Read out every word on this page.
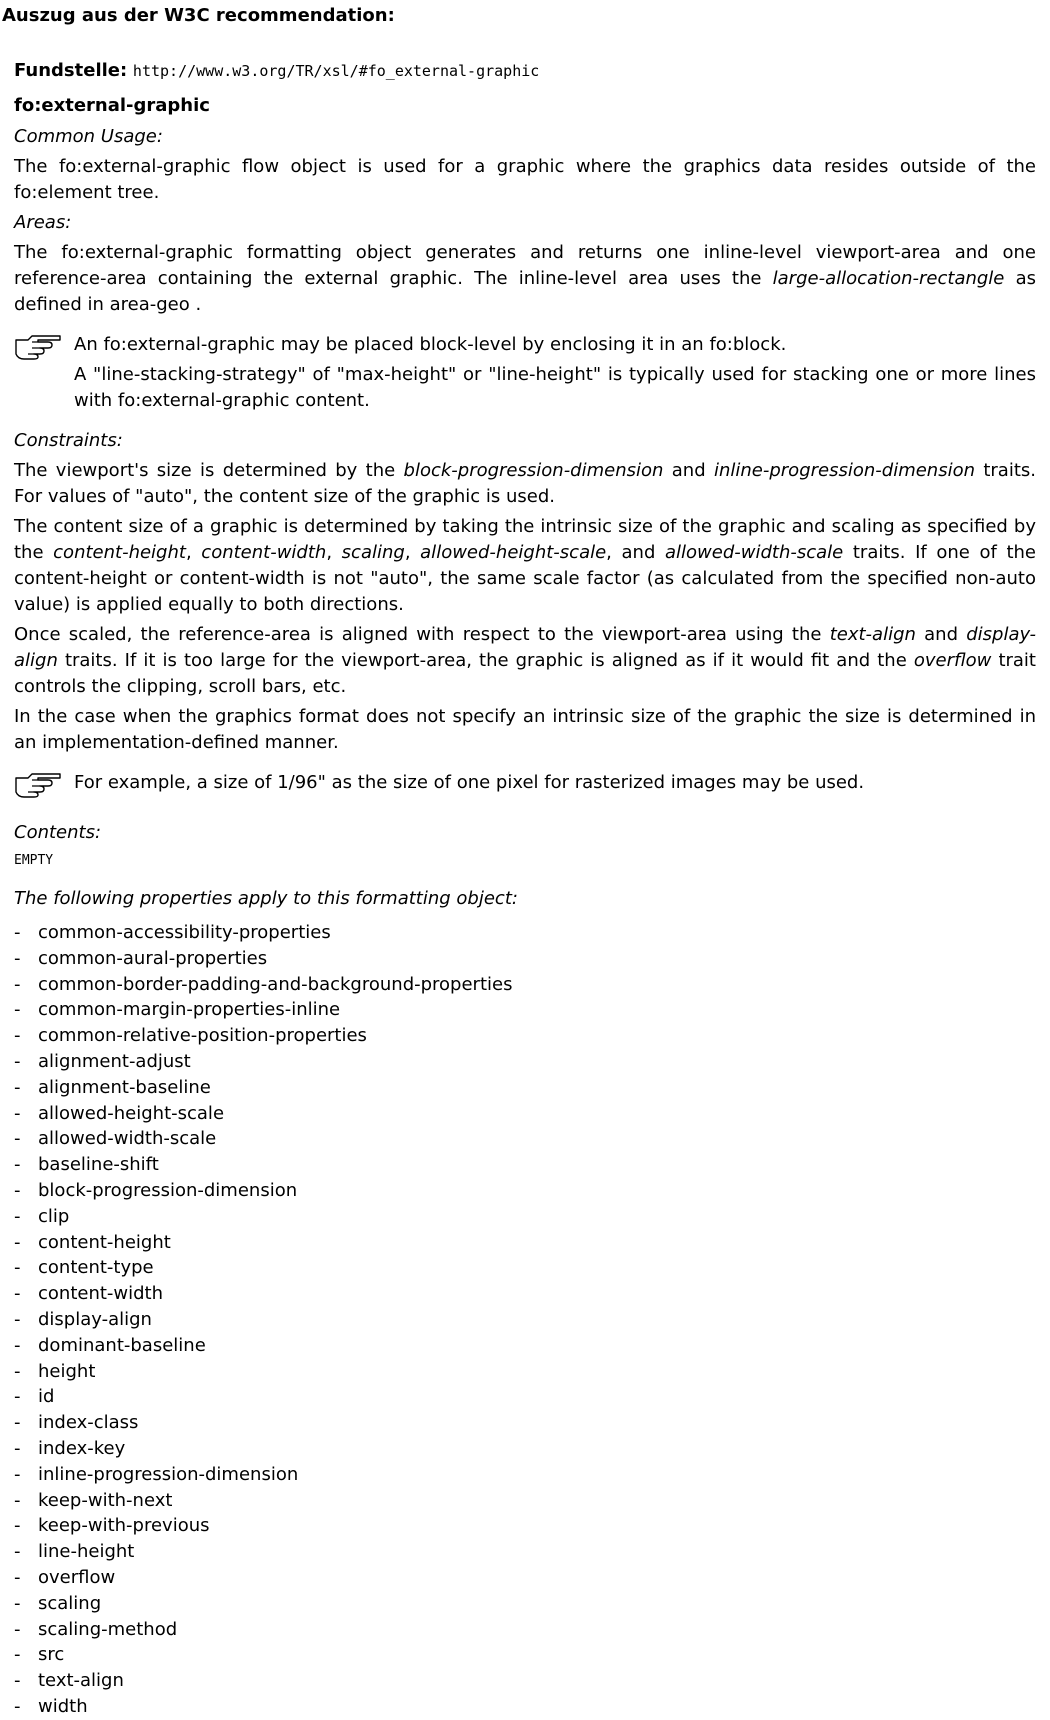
Auszug aus der W3C recommendation:
Fundstelle: http://www.w3.org/TR/xsl/#fo_external-graphic
fo:external-graphic
Common Usage:
The fo:external-graphic flow object is used for a graphic where the graphics data resides outside of the fo:element tree.
Areas:
The fo:external-graphic formatting object generates and returns one inline-level viewport-area and one reference-area containing the external graphic. The inline-level area uses the large-allocation-rectangle as defined in area-geo .
An fo:external-graphic may be placed block-level by enclosing it in an fo:block.
A "line-stacking-strategy" of "max-height" or "line-height" is typically used for stacking one or more lines with fo:external-graphic content.
Constraints:
The viewport's size is determined by the block-progression-dimension and inline-progression-dimension traits. For values of "auto", the content size of the graphic is used.
The content size of a graphic is determined by taking the intrinsic size of the graphic and scaling as specified by the content-height, content-width, scaling, allowed-height-scale, and allowed-width-scale traits. If one of the content-height or content-width is not "auto", the same scale factor (as calculated from the specified non-auto value) is applied equally to both directions.
Once scaled, the reference-area is aligned with respect to the viewport-area using the text-align and display-align traits. If it is too large for the viewport-area, the graphic is aligned as if it would fit and the overflow trait controls the clipping, scroll bars, etc.
In the case when the graphics format does not specify an intrinsic size of the graphic the size is determined in an implementation-defined manner.
For example, a size of 1/96" as the size of one pixel for rasterized images may be used.
Contents:
EMPTY
The following properties apply to this formatting object:
- common-accessibility-properties
- common-aural-properties
- common-border-padding-and-background-properties
- common-margin-properties-inline
- common-relative-position-properties
- alignment-adjust
- alignment-baseline
- allowed-height-scale
- allowed-width-scale
- baseline-shift
- block-progression-dimension
- clip
- content-height
- content-type
- content-width
- display-align
- dominant-baseline
- height
- id
- index-class
- index-key
- inline-progression-dimension
- keep-with-next
- keep-with-previous
- line-height
- overflow
- scaling
- scaling-method
- src
- text-align
- width
